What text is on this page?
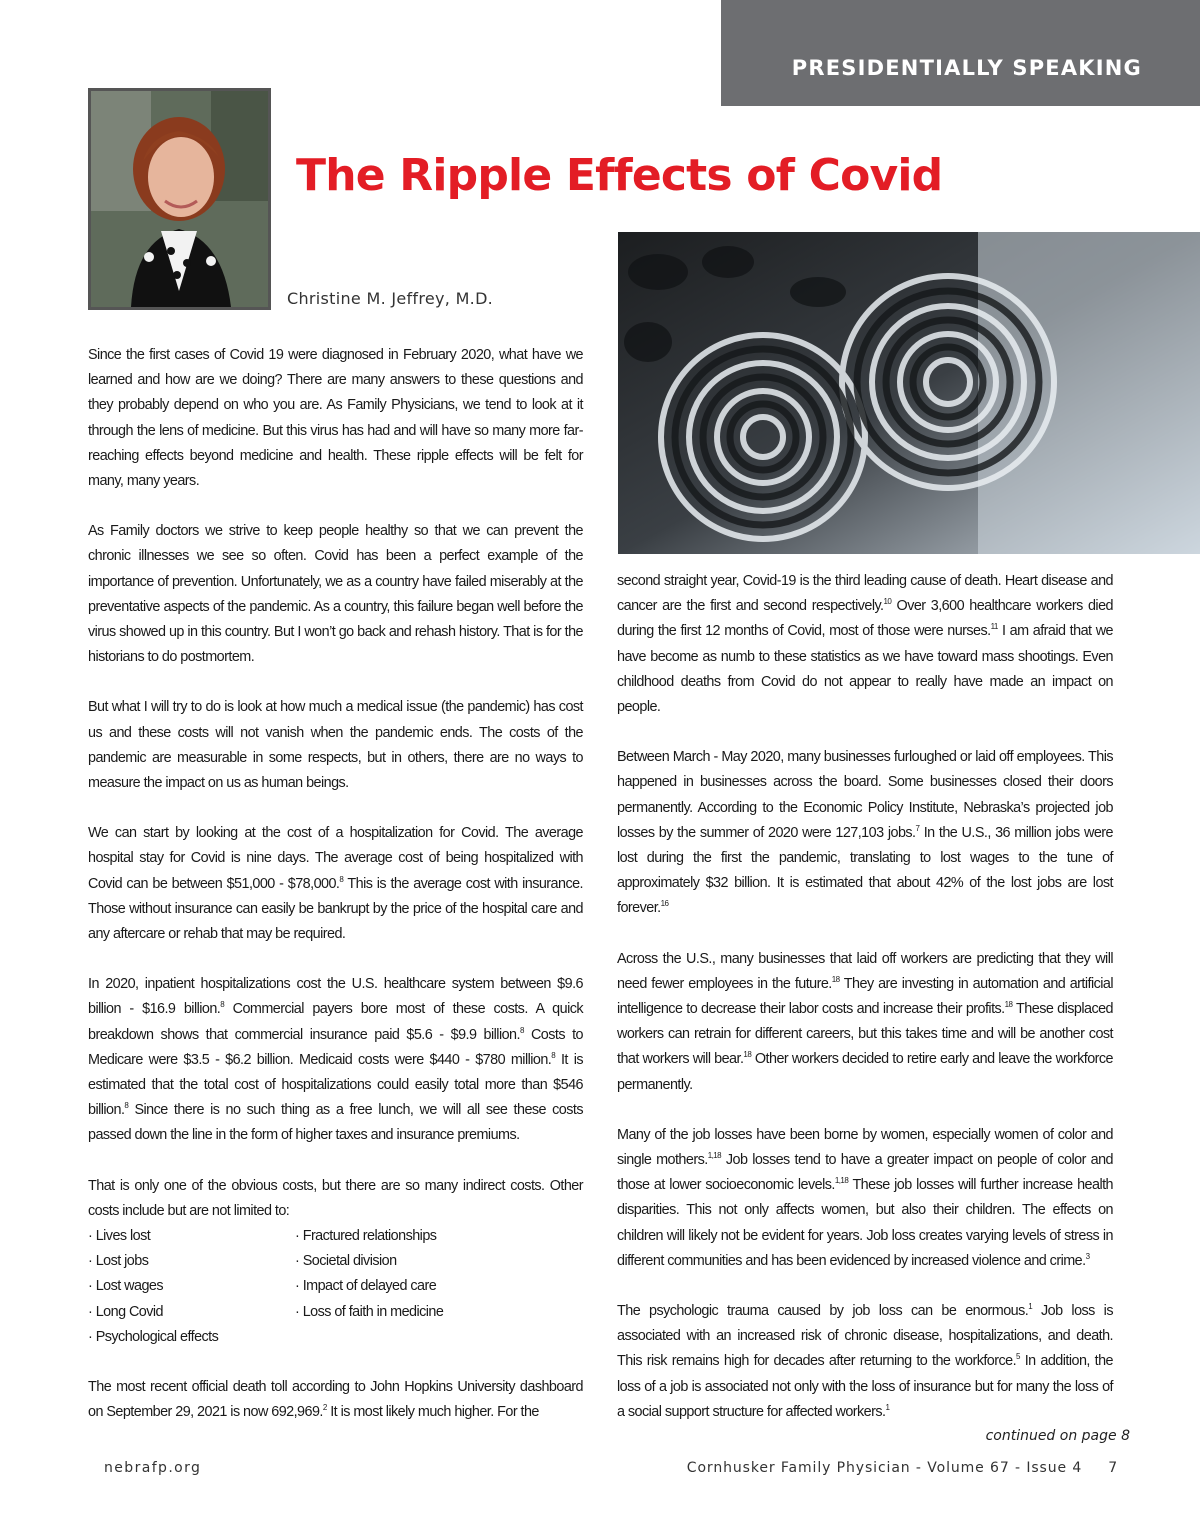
PRESIDENTIALLY SPEAKING
The Ripple Effects of Covid
Christine M. Jeffrey, M.D.

Since the first cases of Covid 19 were diagnosed in February 2020, what have we learned and how are we doing? There are many answers to these questions and they probably depend on who you are. As Family Physicians, we tend to look at it through the lens of medicine. But this virus has had and will have so many more far-reaching effects beyond medicine and health. These ripple effects will be felt for many, many years.

As Family doctors we strive to keep people healthy so that we can prevent the chronic illnesses we see so often. Covid has been a perfect example of the importance of prevention. Unfortunately, we as a country have failed miserably at the preventative aspects of the pandemic. As a country, this failure began well before the virus showed up in this country. But I won’t go back and rehash history. That is for the historians to do postmortem.

But what I will try to do is look at how much a medical issue (the pandemic) has cost us and these costs will not vanish when the pandemic ends. The costs of the pandemic are measurable in some respects, but in others, there are no ways to measure the impact on us as human beings.

We can start by looking at the cost of a hospitalization for Covid. The average hospital stay for Covid is nine days. The average cost of being hospitalized with Covid can be between $51,000 - $78,000.$^8$ This is the average cost with insurance. Those without insurance can easily be bankrupt by the price of the hospital care and any aftercare or rehab that may be required.

In 2020, inpatient hospitalizations cost the U.S. healthcare system between $9.6 billion - $16.9 billion.$^8$ Commercial payers bore most of these costs. A quick breakdown shows that commercial insurance paid $5.6 - $9.9 billion.$^8$ Costs to Medicare were $3.5 - $6.2 billion. Medicaid costs were $440 - $780 million.$^8$ It is estimated that the total cost of hospitalizations could easily total more than $546 billion.$^8$ Since there is no such thing as a free lunch, we will all see these costs passed down the line in the form of higher taxes and insurance premiums.

That is only one of the obvious costs, but there are so many indirect costs. Other costs include but are not limited to:

· Lives lost
· Lost jobs
· Lost wages
· Long Covid
· Psychological effects
· Fractured relationships
· Societal division
· Impact of delayed care
· Loss of faith in medicine

The most recent official death toll according to John Hopkins University dashboard on September 29, 2021 is now 692,969.$^2$ It is most likely much higher. For the

second straight year, Covid-19 is the third leading cause of death. Heart disease and cancer are the first and second respectively.$^{10}$ Over 3,600 healthcare workers died during the first 12 months of Covid, most of those were nurses.$^{11}$ I am afraid that we have become as numb to these statistics as we have toward mass shootings. Even childhood deaths from Covid do not appear to really have made an impact on people.

Between March - May 2020, many businesses furloughed or laid off employees. This happened in businesses across the board. Some businesses closed their doors permanently. According to the Economic Policy Institute, Nebraska’s projected job losses by the summer of 2020 were 127,103 jobs.$^7$ In the U.S., 36 million jobs were lost during the first the pandemic, translating to lost wages to the tune of approximately $32 billion. It is estimated that about 42% of the lost jobs are lost forever.$^{16}$

Across the U.S., many businesses that laid off workers are predicting that they will need fewer employees in the future.$^{18}$ They are investing in automation and artificial intelligence to decrease their labor costs and increase their profits.$^{18}$ These displaced workers can retrain for different careers, but this takes time and will be another cost that workers will bear.$^{18}$ Other workers decided to retire early and leave the workforce permanently.

Many of the job losses have been borne by women, especially women of color and single mothers.$^{1,18}$ Job losses tend to have a greater impact on people of color and those at lower socioeconomic levels.$^{1,18}$ These job losses will further increase health disparities. This not only affects women, but also their children. The effects on children will likely not be evident for years. Job loss creates varying levels of stress in different communities and has been evidenced by increased violence and crime.$^3$

The psychologic trauma caused by job loss can be enormous.$^1$ Job loss is associated with an increased risk of chronic disease, hospitalizations, and death. This risk remains high for decades after returning to the workforce.$^5$ In addition, the loss of a job is associated not only with the loss of insurance but for many the loss of a social support structure for affected workers.$^1$

continued on page 8
nebrafp.org	Cornhusker Family Physician - Volume 67 - Issue 4 7
